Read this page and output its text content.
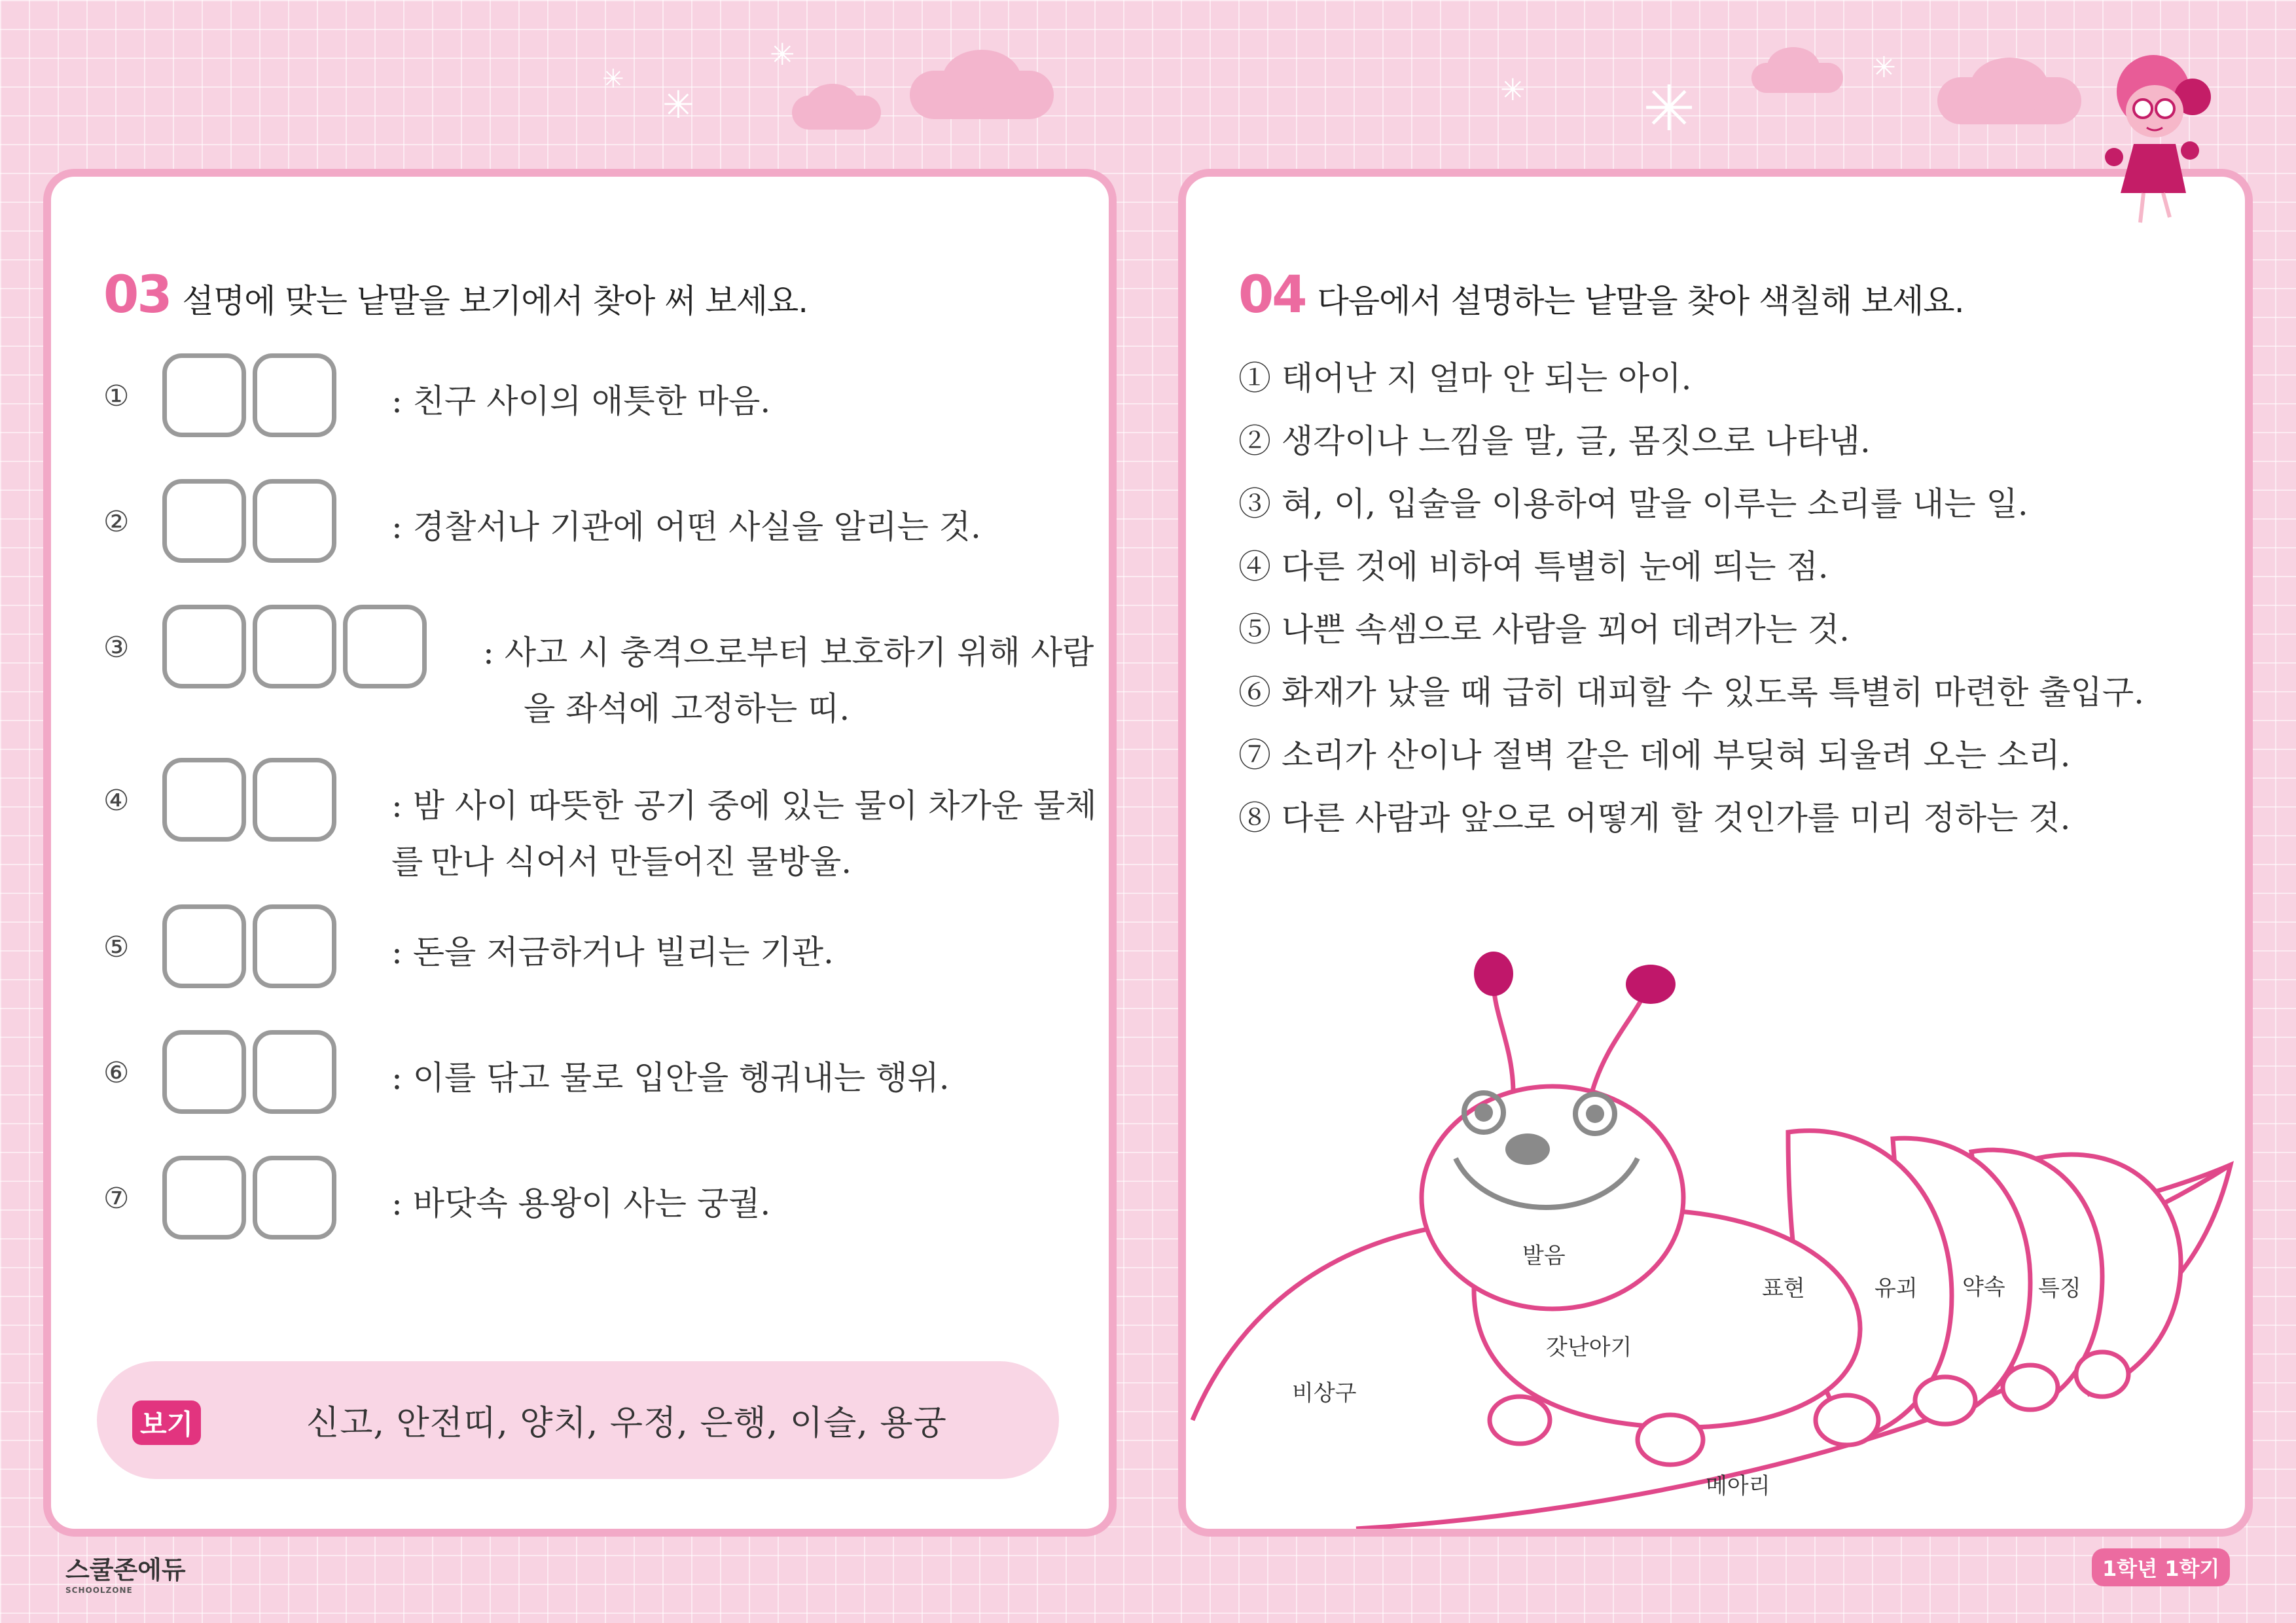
✳
✳
✳
✳ ✳
✳
03 설명에 맞는 낱말을 보기에서 찾아 써 보세요.
①	: 친구 사이의 애틋한 마음.
②	: 경찰서나 기관에 어떤 사실을 알리는 것.
③	: 사고 시 충격으로부터 보호하기 위해 사람
을 좌석에 고정하는 띠.
④	: 밤 사이 따뜻한 공기 중에 있는 물이 차가운 물체를 만나 식어서 만들어진 물방울.
⑤	: 돈을 저금하거나 빌리는 기관.
⑥	: 이를 닦고 물로 입안을 헹궈내는 행위.
⑦	: 바닷속 용왕이 사는 궁궐.
보기	신고, 안전띠, 양치, 우정, 은행, 이슬, 용궁
04 다음에서 설명하는 낱말을 찾아 색칠해 보세요.
① 태어난 지 얼마 안 되는 아이.
② 생각이나 느낌을 말, 글, 몸짓으로 나타냄.
③ 혀, 이, 입술을 이용하여 말을 이루는 소리를 내는 일.
④ 다른 것에 비하여 특별히 눈에 띄는 점.
⑤ 나쁜 속셈으로 사람을 꾀어 데려가는 것.
⑥ 화재가 났을 때 급히 대피할 수 있도록 특별히 마련한 출입구.
⑦ 소리가 산이나 절벽 같은 데에 부딪혀 되울려 오는 소리.
⑧ 다른 사람과 앞으로 어떻게 할 것인가를 미리 정하는 것.
발음
표현	유괴 약속 특징
갓난아기
비상구
메아리
스쿨존에듀
SCHOOLZONE
1학년 1학기
